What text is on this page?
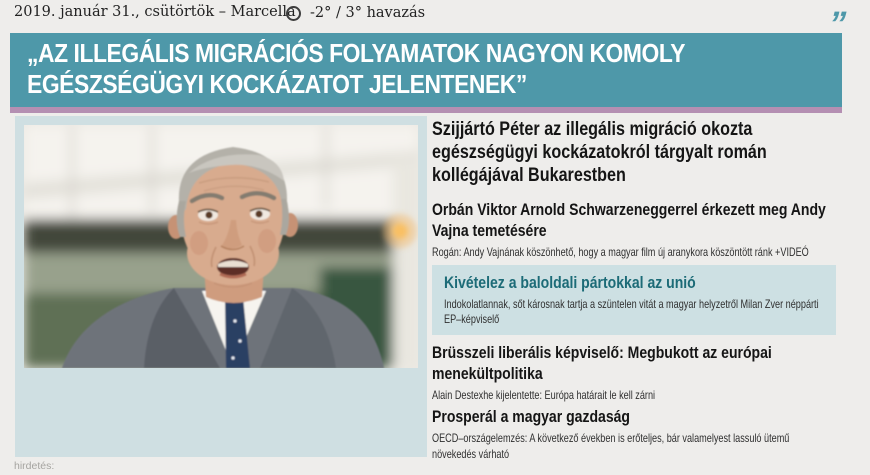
2019. január 31., csütörtök – Marcella -2° / 3° havazás
„AZ ILLEGÁLIS MIGRÁCIÓS FOLYAMATOK NAGYON KOMOLY EGÉSZSÉGÜGYI KOCKÁZATOT JELENTENEK”
”
Szijjártó Péter az illegális migráció okozta egészségügyi kockázatokról tárgyalt román kollégájával Bukarestben
Orbán Viktor Arnold Schwarzeneggerrel érkezett meg Andy Vajna temetésére
Rogán: Andy Vajnának köszönhető, hogy a magyar film új aranykora köszöntött ránk +VIDEÓ
Kivételez a baloldali pártokkal az unió
Indokolatlannak, sőt károsnak tartja a szüntelen vitát a magyar helyzetről Milan Zver néppárti EP–képviselő
Brüsszeli liberális képviselő: Megbukott az európai menekültpolitika
Alain Destexhe kijelentette: Európa határait le kell zárni
Prosperál a magyar gazdaság
OECD–országelemzés: A következő években is erőteljes, bár valamelyest lassuló ütemű növekedés várható
hirdetés:
